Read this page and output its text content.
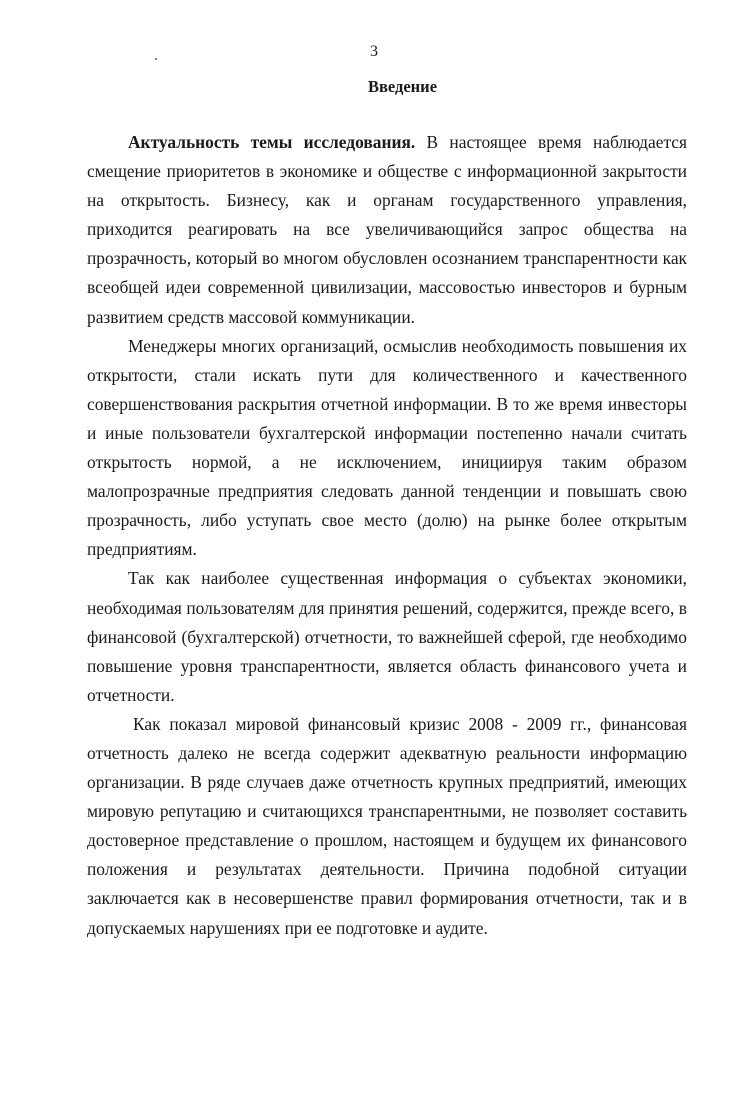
3
Введение

Актуальность темы исследования. В настоящее время наблюдается смещение приоритетов в экономике и обществе с информационной закрытости на открытость. Бизнесу, как и органам государственного управления, приходится реагировать на все увеличивающийся запрос общества на прозрачность, который во многом обусловлен осознанием транспарентности как всеобщей идеи современной цивилизации, массовостью инвесторов и бурным развитием средств массовой коммуникации.

Менеджеры многих организаций, осмыслив необходимость повышения их открытости, стали искать пути для количественного и качественного совершенствования раскрытия отчетной информации. В то же время инвесторы и иные пользователи бухгалтерской информации постепенно начали считать открытость нормой, а не исключением, инициируя таким образом малопрозрачные предприятия следовать данной тенденции и повышать свою прозрачность, либо уступать свое место (долю) на рынке более открытым предприятиям.

Так как наиболее существенная информация о субъектах экономики, необходимая пользователям для принятия решений, содержится, прежде всего, в финансовой (бухгалтерской) отчетности, то важнейшей сферой, где необходимо повышение уровня транспарентности, является область финансового учета и отчетности.

Как показал мировой финансовый кризис 2008 - 2009 гг., финансовая отчетность далеко не всегда содержит адекватную реальности информацию организации. В ряде случаев даже отчетность крупных предприятий, имеющих мировую репутацию и считающихся транспарентными, не позволяет составить достоверное представление о прошлом, настоящем и будущем их финансового положения и результатах деятельности. Причина подобной ситуации заключается как в несовершенстве правил формирования отчетности, так и в допускаемых нарушениях при ее подготовке и аудите.
